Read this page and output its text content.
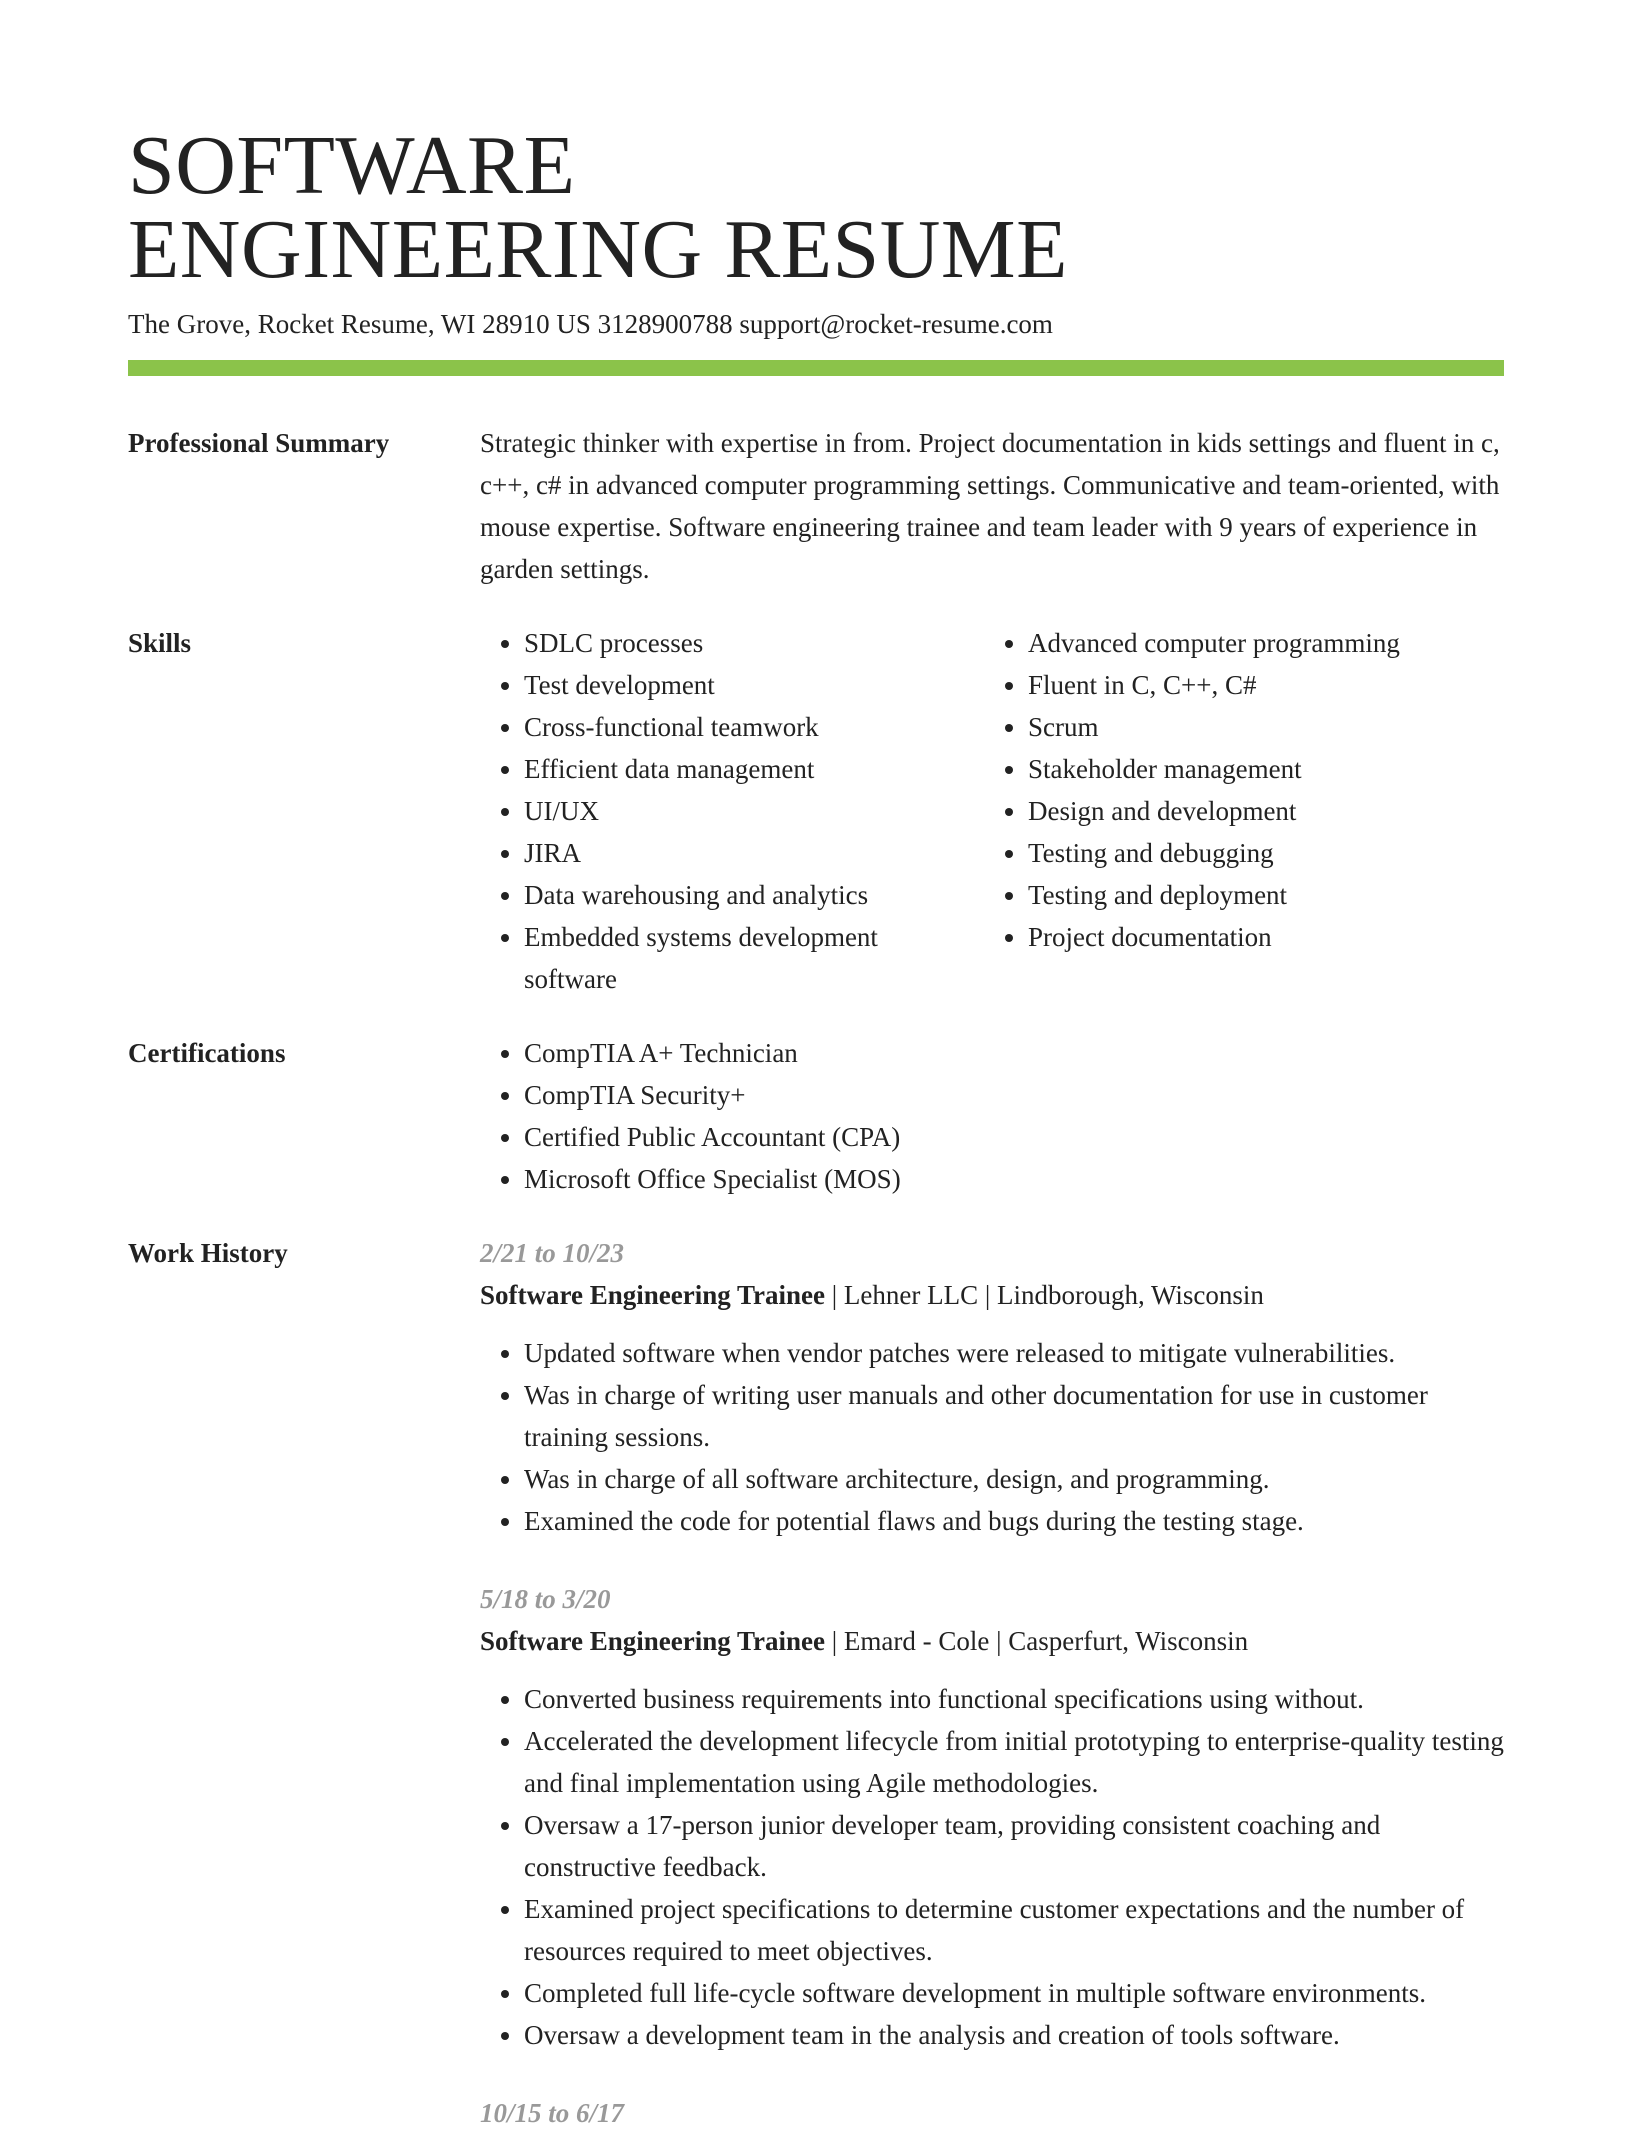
SOFTWARE
ENGINEERING RESUME
The Grove, Rocket Resume, WI 28910 US 3128900788 support@rocket-resume.com
Professional Summary	Strategic thinker with expertise in from. Project documentation in kids settings and fluent in c, c++, c# in advanced computer programming settings. Communicative and team-oriented, with mouse expertise. Software engineering trainee and team leader with 9 years of experience in garden settings.

Skills	• SDLC processes
• Test development
• Cross-functional teamwork
• Efficient data management
• UI/UX
• JIRA
• Data warehousing and analytics
• Embedded systems development software
• Advanced computer programming
• Fluent in C, C++, C#
• Scrum
• Stakeholder management
• Design and development
• Testing and debugging
• Testing and deployment
• Project documentation
Certifications	• CompTIA A+ Technician
• CompTIA Security+
• Certified Public Accountant (CPA)
• Microsoft Office Specialist (MOS)
Work History	2/21 to 10/23
Software Engineering Trainee | Lehner LLC | Lindborough, Wisconsin
• Updated software when vendor patches were released to mitigate vulnerabilities.
• Was in charge of writing user manuals and other documentation for use in customer training sessions.
• Was in charge of all software architecture, design, and programming.
• Examined the code for potential flaws and bugs during the testing stage.
5/18 to 3/20
Software Engineering Trainee | Emard - Cole | Casperfurt, Wisconsin
• Converted business requirements into functional specifications using without.
• Accelerated the development lifecycle from initial prototyping to enterprise-quality testing and final implementation using Agile methodologies.
• Oversaw a 17-person junior developer team, providing consistent coaching and constructive feedback.
• Examined project specifications to determine customer expectations and the number of resources required to meet objectives.
• Completed full life-cycle software development in multiple software environments.
• Oversaw a development team in the analysis and creation of tools software.
10/15 to 6/17
